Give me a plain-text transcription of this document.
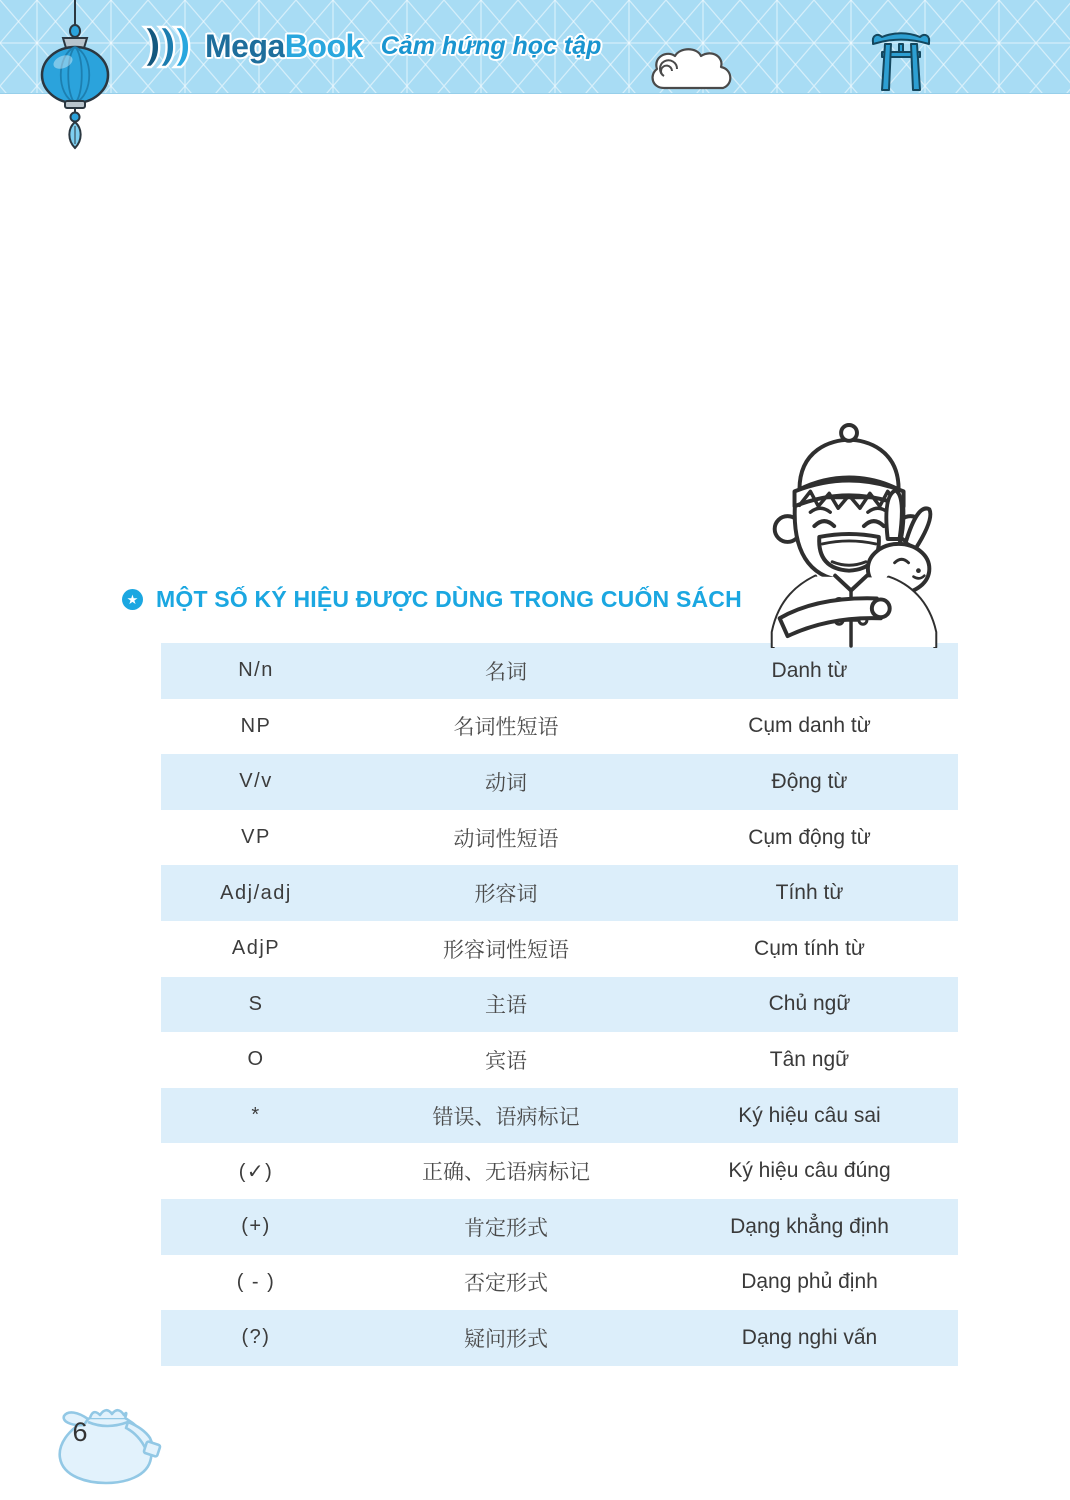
MegaBook Cảm hứng học tập
★ MỘT SỐ KÝ HIỆU ĐƯỢC DÙNG TRONG CUỐN SÁCH
N/n	名词	Danh từ
NP	名词性短语	Cụm danh từ
V/v	动词	Động từ
VP	动词性短语	Cụm động từ
Adj/adj	形容词	Tính từ
AdjP	形容词性短语	Cụm tính từ
S	主语	Chủ ngữ
O	宾语	Tân ngữ
*	错误、语病标记	Ký hiệu câu sai
(✓)	正确、无语病标记	Ký hiệu câu đúng
(+)	肯定形式	Dạng khẳng định
( - )	否定形式	Dạng phủ định
(?)	疑问形式	Dạng nghi vấn
6
